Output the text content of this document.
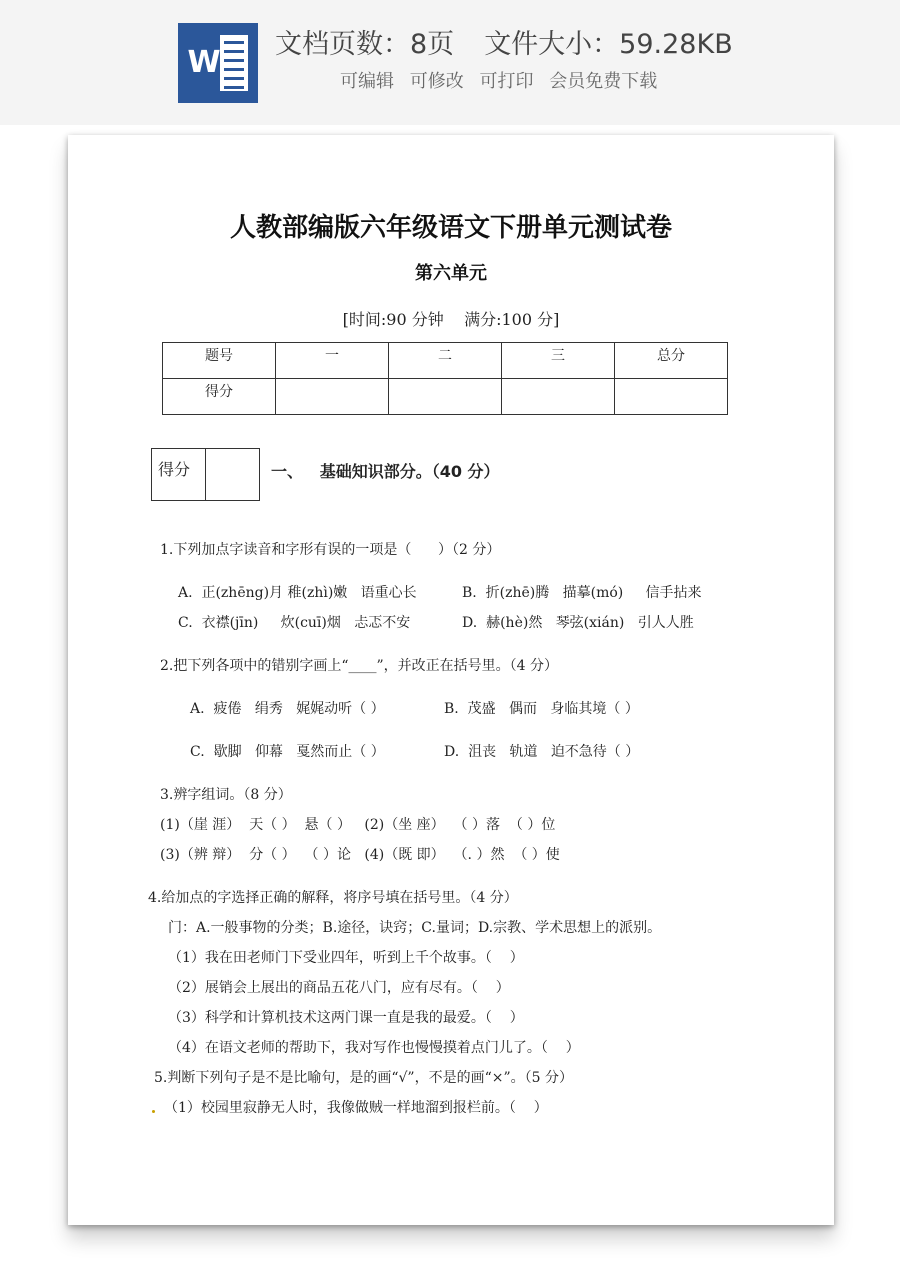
W
文档页数：8页 文件大小：59.28KB
可编辑 可修改 可打印 会员免费下载
人教部编版六年级语文下册单元测试卷
第六单元
[时间:90 分钟    满分:100 分]
题号	一	二	三	总分
得分				
得分		一、   基础知识部分。（40 分）
1.下列加点字读音和字形有误的一项是（      ）（2 分）
A. 正(zhēng)月 稚(zhì)嫩 语重心长	B. 折(zhē)腾 描摹(mó) 信手拈来
C. 衣襟(jīn) 炊(cuī)烟 忐忑不安	D. 赫(hè)然 琴弦(xián) 引人人胜
2.把下列各项中的错别字画上“____”，并改正在括号里。（4 分）
A. 疲倦 绢秀 娓娓动听（ ）	B. 茂盛 偶而 身临其境（ ）
C. 歇脚 仰幕 戛然而止（ ）	D. 沮丧 轨道 迫不急待（ ）
3.辨字组词。（8 分）
(1)（崖 涯） 天（ ） 悬（ ） (2)（坐 座） （ ）落 （ ）位
(3)（辨 辩） 分（ ） （ ）论 (4)（既 即） （. ）然 （ ）使
4.给加点的字选择正确的解释，将序号填在括号里。（4 分）
门：A.一般事物的分类；B.途径，诀窍；C.量词；D.宗教、学术思想上的派别。
（1）我在田老师门下受业四年，听到上千个故事。（    ）
（2）展销会上展出的商品五花八门，应有尽有。（    ）
（3）科学和计算机技术这两门课一直是我的最爱。（    ）
（4）在语文老师的帮助下，我对写作也慢慢摸着点门儿了。（    ）
5.判断下列句子是不是比喻句，是的画“√”，不是的画“×”。（5 分）
（1）校园里寂静无人时，我像做贼一样地溜到报栏前。（    ）
